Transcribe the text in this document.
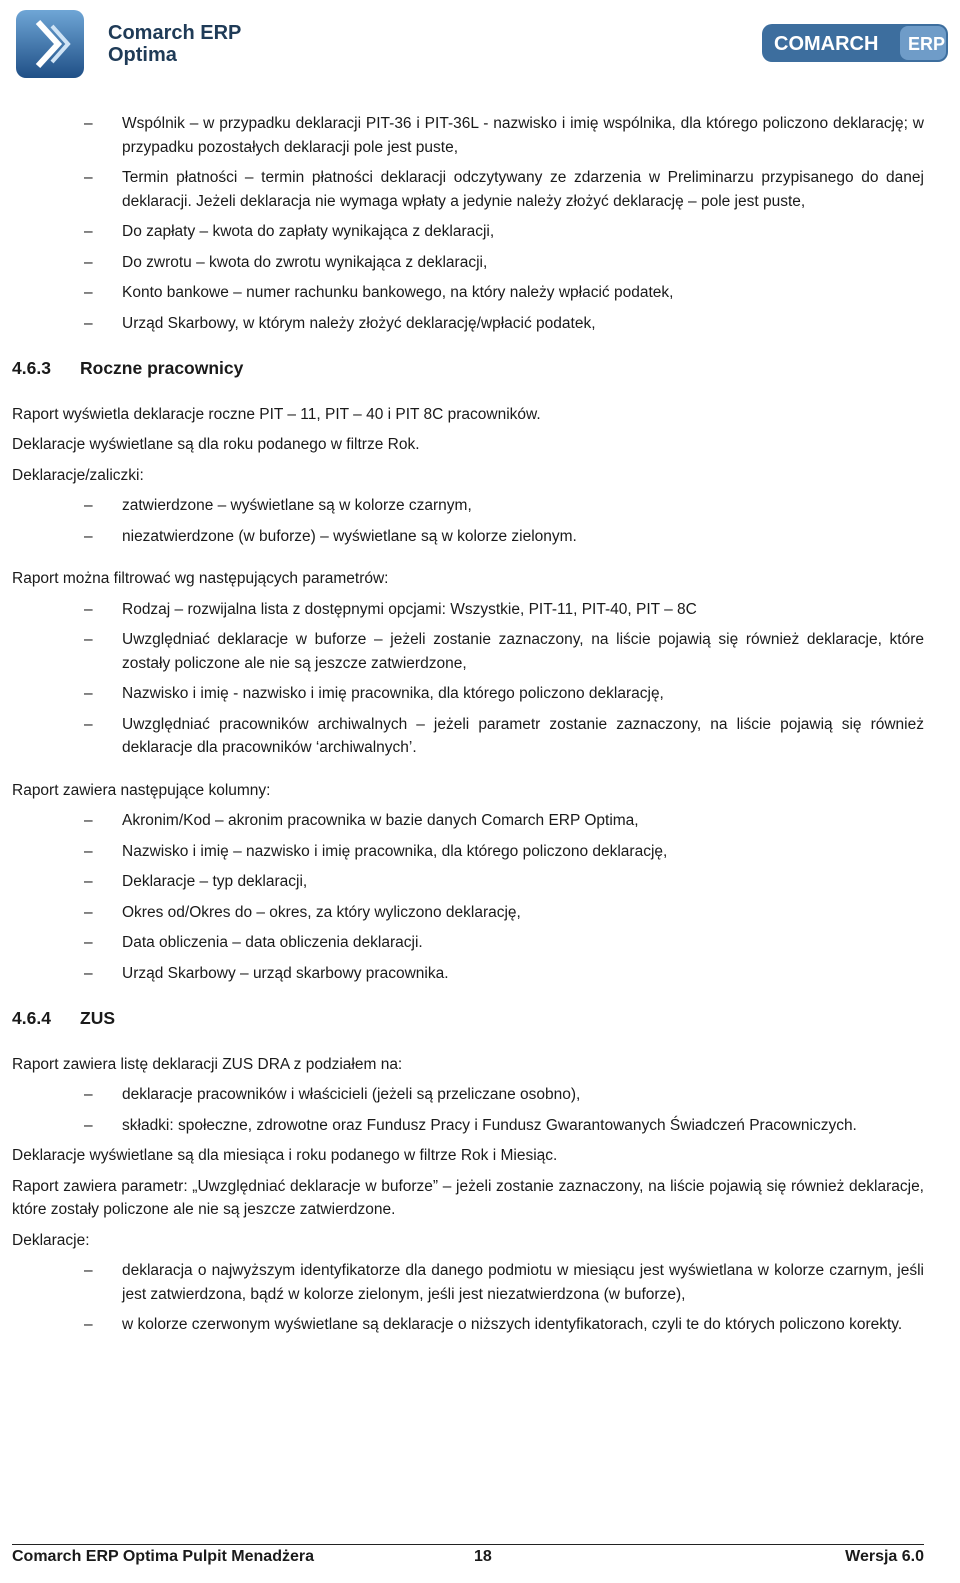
Comarch ERP
Optima	COMARCH ERP
–	Wspólnik – w przypadku deklaracji PIT-36 i PIT-36L - nazwisko i imię wspólnika, dla którego policzono deklarację; w przypadku pozostałych deklaracji pole jest puste,
–	Termin płatności – termin płatności deklaracji odczytywany ze zdarzenia w Preliminarzu przypisanego do danej deklaracji. Jeżeli deklaracja nie wymaga wpłaty a jedynie należy złożyć deklarację – pole jest puste,
–	Do zapłaty – kwota do zapłaty wynikająca z deklaracji,
–	Do zwrotu – kwota do zwrotu wynikająca z deklaracji,
–	Konto bankowe – numer rachunku bankowego, na który należy wpłacić podatek,
–	Urząd Skarbowy, w którym należy złożyć deklarację/wpłacić podatek,
4.6.3 Roczne pracownicy
Raport wyświetla deklaracje roczne PIT – 11, PIT – 40 i PIT 8C pracowników.
Deklaracje wyświetlane są dla roku podanego w filtrze Rok.
Deklaracje/zaliczki:
–	zatwierdzone – wyświetlane są w kolorze czarnym,
–	niezatwierdzone (w buforze) – wyświetlane są w kolorze zielonym.
Raport można filtrować wg następujących parametrów:
–	Rodzaj – rozwijalna lista z dostępnymi opcjami: Wszystkie, PIT-11, PIT-40, PIT – 8C
–	Uwzględniać deklaracje w buforze – jeżeli zostanie zaznaczony, na liście pojawią się również deklaracje, które zostały policzone ale nie są jeszcze zatwierdzone,
–	Nazwisko i imię - nazwisko i imię pracownika, dla którego policzono deklarację,
–	Uwzględniać pracowników archiwalnych – jeżeli parametr zostanie zaznaczony, na liście pojawią się również deklaracje dla pracowników ‘archiwalnych’.
Raport zawiera następujące kolumny:
–	Akronim/Kod – akronim pracownika w bazie danych Comarch ERP Optima,
–	Nazwisko i imię – nazwisko i imię pracownika, dla którego policzono deklarację,
–	Deklaracje – typ deklaracji,
–	Okres od/Okres do – okres, za który wyliczono deklarację,
–	Data obliczenia – data obliczenia deklaracji.
–	Urząd Skarbowy – urząd skarbowy pracownika.
4.6.4 ZUS
Raport zawiera listę deklaracji ZUS DRA z podziałem na:
–	deklaracje pracowników i właścicieli (jeżeli są przeliczane osobno),
–	składki: społeczne, zdrowotne oraz Fundusz Pracy i Fundusz Gwarantowanych Świadczeń Pracowniczych.
Deklaracje wyświetlane są dla miesiąca i roku podanego w filtrze Rok i Miesiąc.
Raport zawiera parametr: „Uwzględniać deklaracje w buforze” – jeżeli zostanie zaznaczony, na liście pojawią się również deklaracje, które zostały policzone ale nie są jeszcze zatwierdzone.
Deklaracje:
–	deklaracja o najwyższym identyfikatorze dla danego podmiotu w miesiącu jest wyświetlana w kolorze czarnym, jeśli jest zatwierdzona, bądź w kolorze zielonym, jeśli jest niezatwierdzona (w buforze),
–	w kolorze czerwonym wyświetlane są deklaracje o niższych identyfikatorach, czyli te do których policzono korekty.
Comarch ERP Optima Pulpit Menadżera	18	Wersja 6.0
